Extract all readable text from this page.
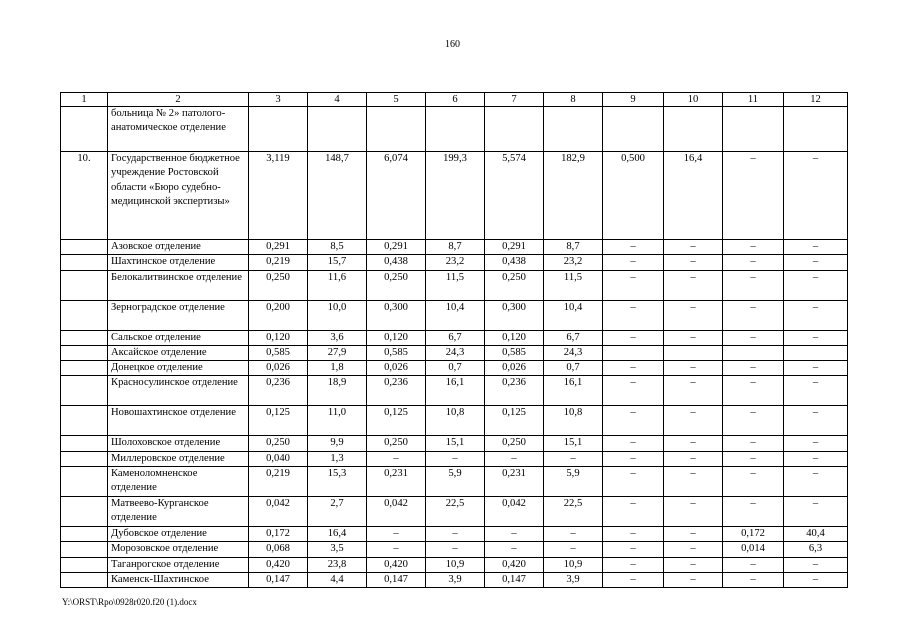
160
1	2	3	4	5	6	7	8	9	10	11	12
	больница № 2» патолого-анатомическое отделение										
10.	Государственное бюджетное учреждение Ростовской области «Бюро судебно-медицинской экспертизы»	3,119	148,7	6,074	199,3	5,574	182,9	0,500	16,4	–	–
	Азовское отделение	0,291	8,5	0,291	8,7	0,291	8,7	–	–	–	–
	Шахтинское отделение	0,219	15,7	0,438	23,2	0,438	23,2	–	–	–	–
	Белокалитвинское отделение	0,250	11,6	0,250	11,5	0,250	11,5	–	–	–	–
	Зерноградское отделение	0,200	10,0	0,300	10,4	0,300	10,4	–	–	–	–
	Сальское отделение	0,120	3,6	0,120	6,7	0,120	6,7	–	–	–	–
	Аксайское отделение	0,585	27,9	0,585	24,3	0,585	24,3				
	Донецкое отделение	0,026	1,8	0,026	0,7	0,026	0,7	–	–	–	–
	Красносулинское отделение	0,236	18,9	0,236	16,1	0,236	16,1	–	–	–	–
	Новошахтинское отделение	0,125	11,0	0,125	10,8	0,125	10,8	–	–	–	–
	Шолоховское отделение	0,250	9,9	0,250	15,1	0,250	15,1	–	–	–	–
	Миллеровское отделение	0,040	1,3	–	–	–	–	–	–	–	–
	Каменоломненское отделение	0,219	15,3	0,231	5,9	0,231	5,9	–	–	–	–
	Матвеево-Курганское отделение	0,042	2,7	0,042	22,5	0,042	22,5	–	–	–	–
	Дубовское отделение	0,172	16,4	–	–	–	–	–	–	0,172	40,4
	Морозовское отделение	0,068	3,5	–	–	–	–	–	–	0,014	6,3
	Таганрогское отделение	0,420	23,8	0,420	10,9	0,420	10,9	–	–	–	–
	Каменск-Шахтинское	0,147	4,4	0,147	3,9	0,147	3,9	–	–	–	–
Y:\ORST\Rpo\0928r020.f20 (1).docx
